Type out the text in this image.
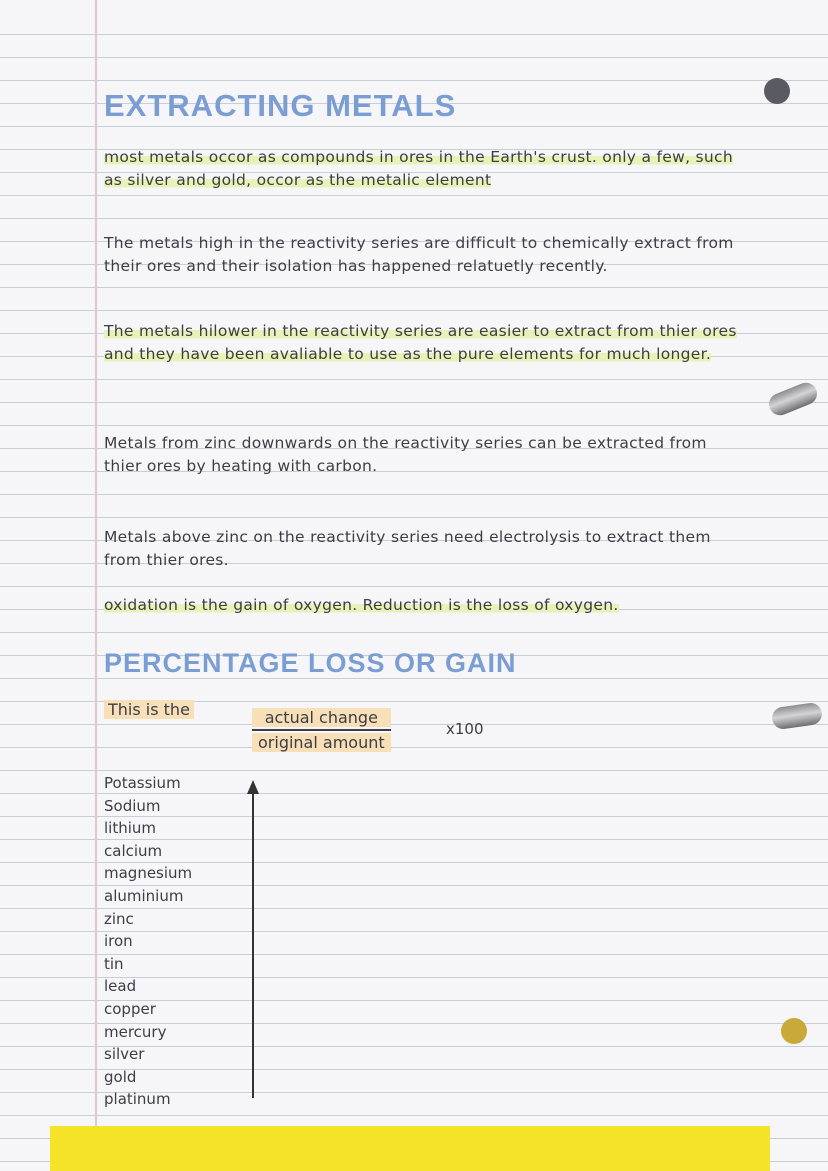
EXTRACTING METALS

most metals occor as compounds in ores in the Earth's crust. only a few, such as silver and gold, occor as the metalic element

The metals high in the reactivity series are difficult to chemically extract from their ores and their isolation has happened relatuetly recently.

The metals hilower in the reactivity series are easier to extract from thier ores and they have been avaliable to use as the pure elements for much longer.

Metals from zinc downwards on the reactivity series can be extracted from thier ores by heating with carbon.

Metals above zinc on the reactivity series need electrolysis to extract them from thier ores.

oxidation is the gain of oxygen. Reduction is the loss of oxygen.

PERCENTAGE LOSS OR GAIN
This is the	actual change
original amount
x100
Potassium
Sodium
lithium
calcium
magnesium
aluminium
zinc
iron
tin
lead
copper
mercury
silver
gold
platinum
